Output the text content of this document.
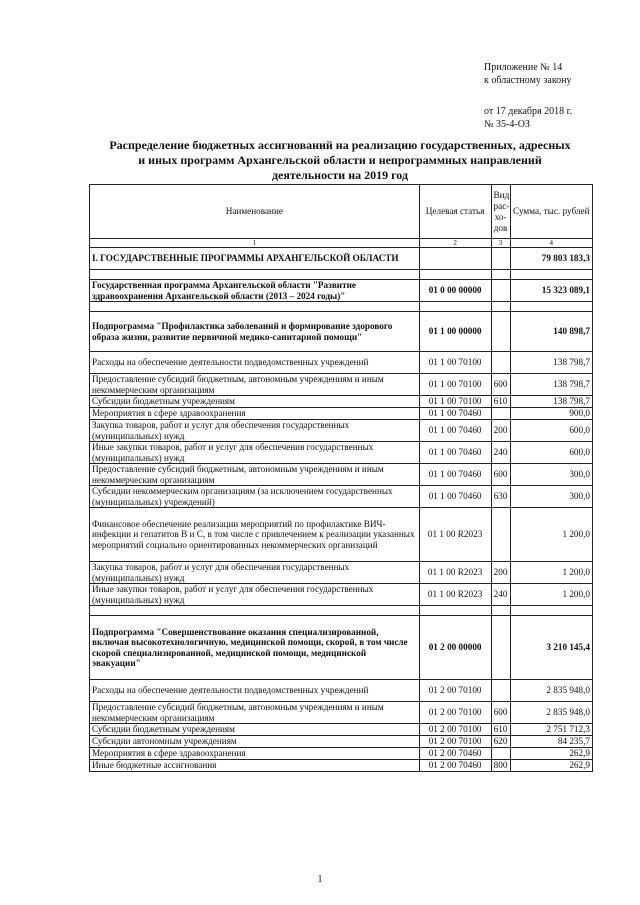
Приложение № 14
к областному закону
от 17 декабря 2018 г.
№ 35-4-ОЗ
Распределение бюджетных ассигнований на реализацию государственных, адресных
и иных программ Архангельской области и непрограммных направлений
деятельности на 2019 год
Наименование	Целевая статья	Вид рас-хо-дов	Сумма, тыс. рублей
1	2	3	4
I. ГОСУДАРСТВЕННЫЕ ПРОГРАММЫ АРХАНГЕЛЬСКОЙ ОБЛАСТИ			79 803 183,3

Государственная программа Архангельской области "Развитие здравоохранения Архангельской области (2013 – 2024 годы)"	01 0 00 00000		15 323 089,1

Подпрограмма "Профилактика заболеваний и формирование здорового образа жизни, развитие первичной медико-санитарной помощи"	01 1 00 00000		140 898,7
Расходы на обеспечение деятельности подведомственных учреждений	01 1 00 70100		138 798,7
Предоставление субсидий бюджетным, автономным учреждениям и иным некоммерческим организациям	01 1 00 70100	600	138 798,7
Субсидии бюджетным учреждениям	01 1 00 70100	610	138 798,7
Мероприятия в сфере здравоохранения	01 1 00 70460		900,0
Закупка товаров, работ и услуг для обеспечения государственных (муниципальных) нужд	01 1 00 70460	200	600,0
Иные закупки товаров, работ и услуг для обеспечения государственных (муниципальных) нужд	01 1 00 70460	240	600,0
Предоставление субсидий бюджетным, автономным учреждениям и иным некоммерческим организациям	01 1 00 70460	600	300,0
Субсидии некоммерческим организациям (за исключением государственных (муниципальных) учреждений)	01 1 00 70460	630	300,0
Финансовое обеспечение реализации мероприятий по профилактике ВИЧ-инфекции и гепатитов B и C, в том числе с привлечением к реализации указанных мероприятий социально ориентированных некоммерческих организаций	01 1 00 R2023		1 200,0
Закупка товаров, работ и услуг для обеспечения государственных (муниципальных) нужд	01 1 00 R2023	200	1 200,0
Иные закупки товаров, работ и услуг для обеспечения государственных (муниципальных) нужд	01 1 00 R2023	240	1 200,0

Подпрограмма "Совершенствование оказания специализированной, включая высокотехнологичную, медицинской помощи, скорой, в том числе скорой специализированной, медицинской помощи, медицинской эвакуации"	01 2 00 00000		3 210 145,4
Расходы на обеспечение деятельности подведомственных учреждений	01 2 00 70100		2 835 948,0
Предоставление субсидий бюджетным, автономным учреждениям и иным некоммерческим организациям	01 2 00 70100	600	2 835 948,0
Субсидии бюджетным учреждениям	01 2 00 70100	610	2 751 712,3
Субсидии автономным учреждениям	01 2 00 70100	620	84 235,7
Мероприятия в сфере здравоохранения	01 2 00 70460		262,9
Иные бюджетные ассигнования	01 2 00 70460	800	262,9
1
